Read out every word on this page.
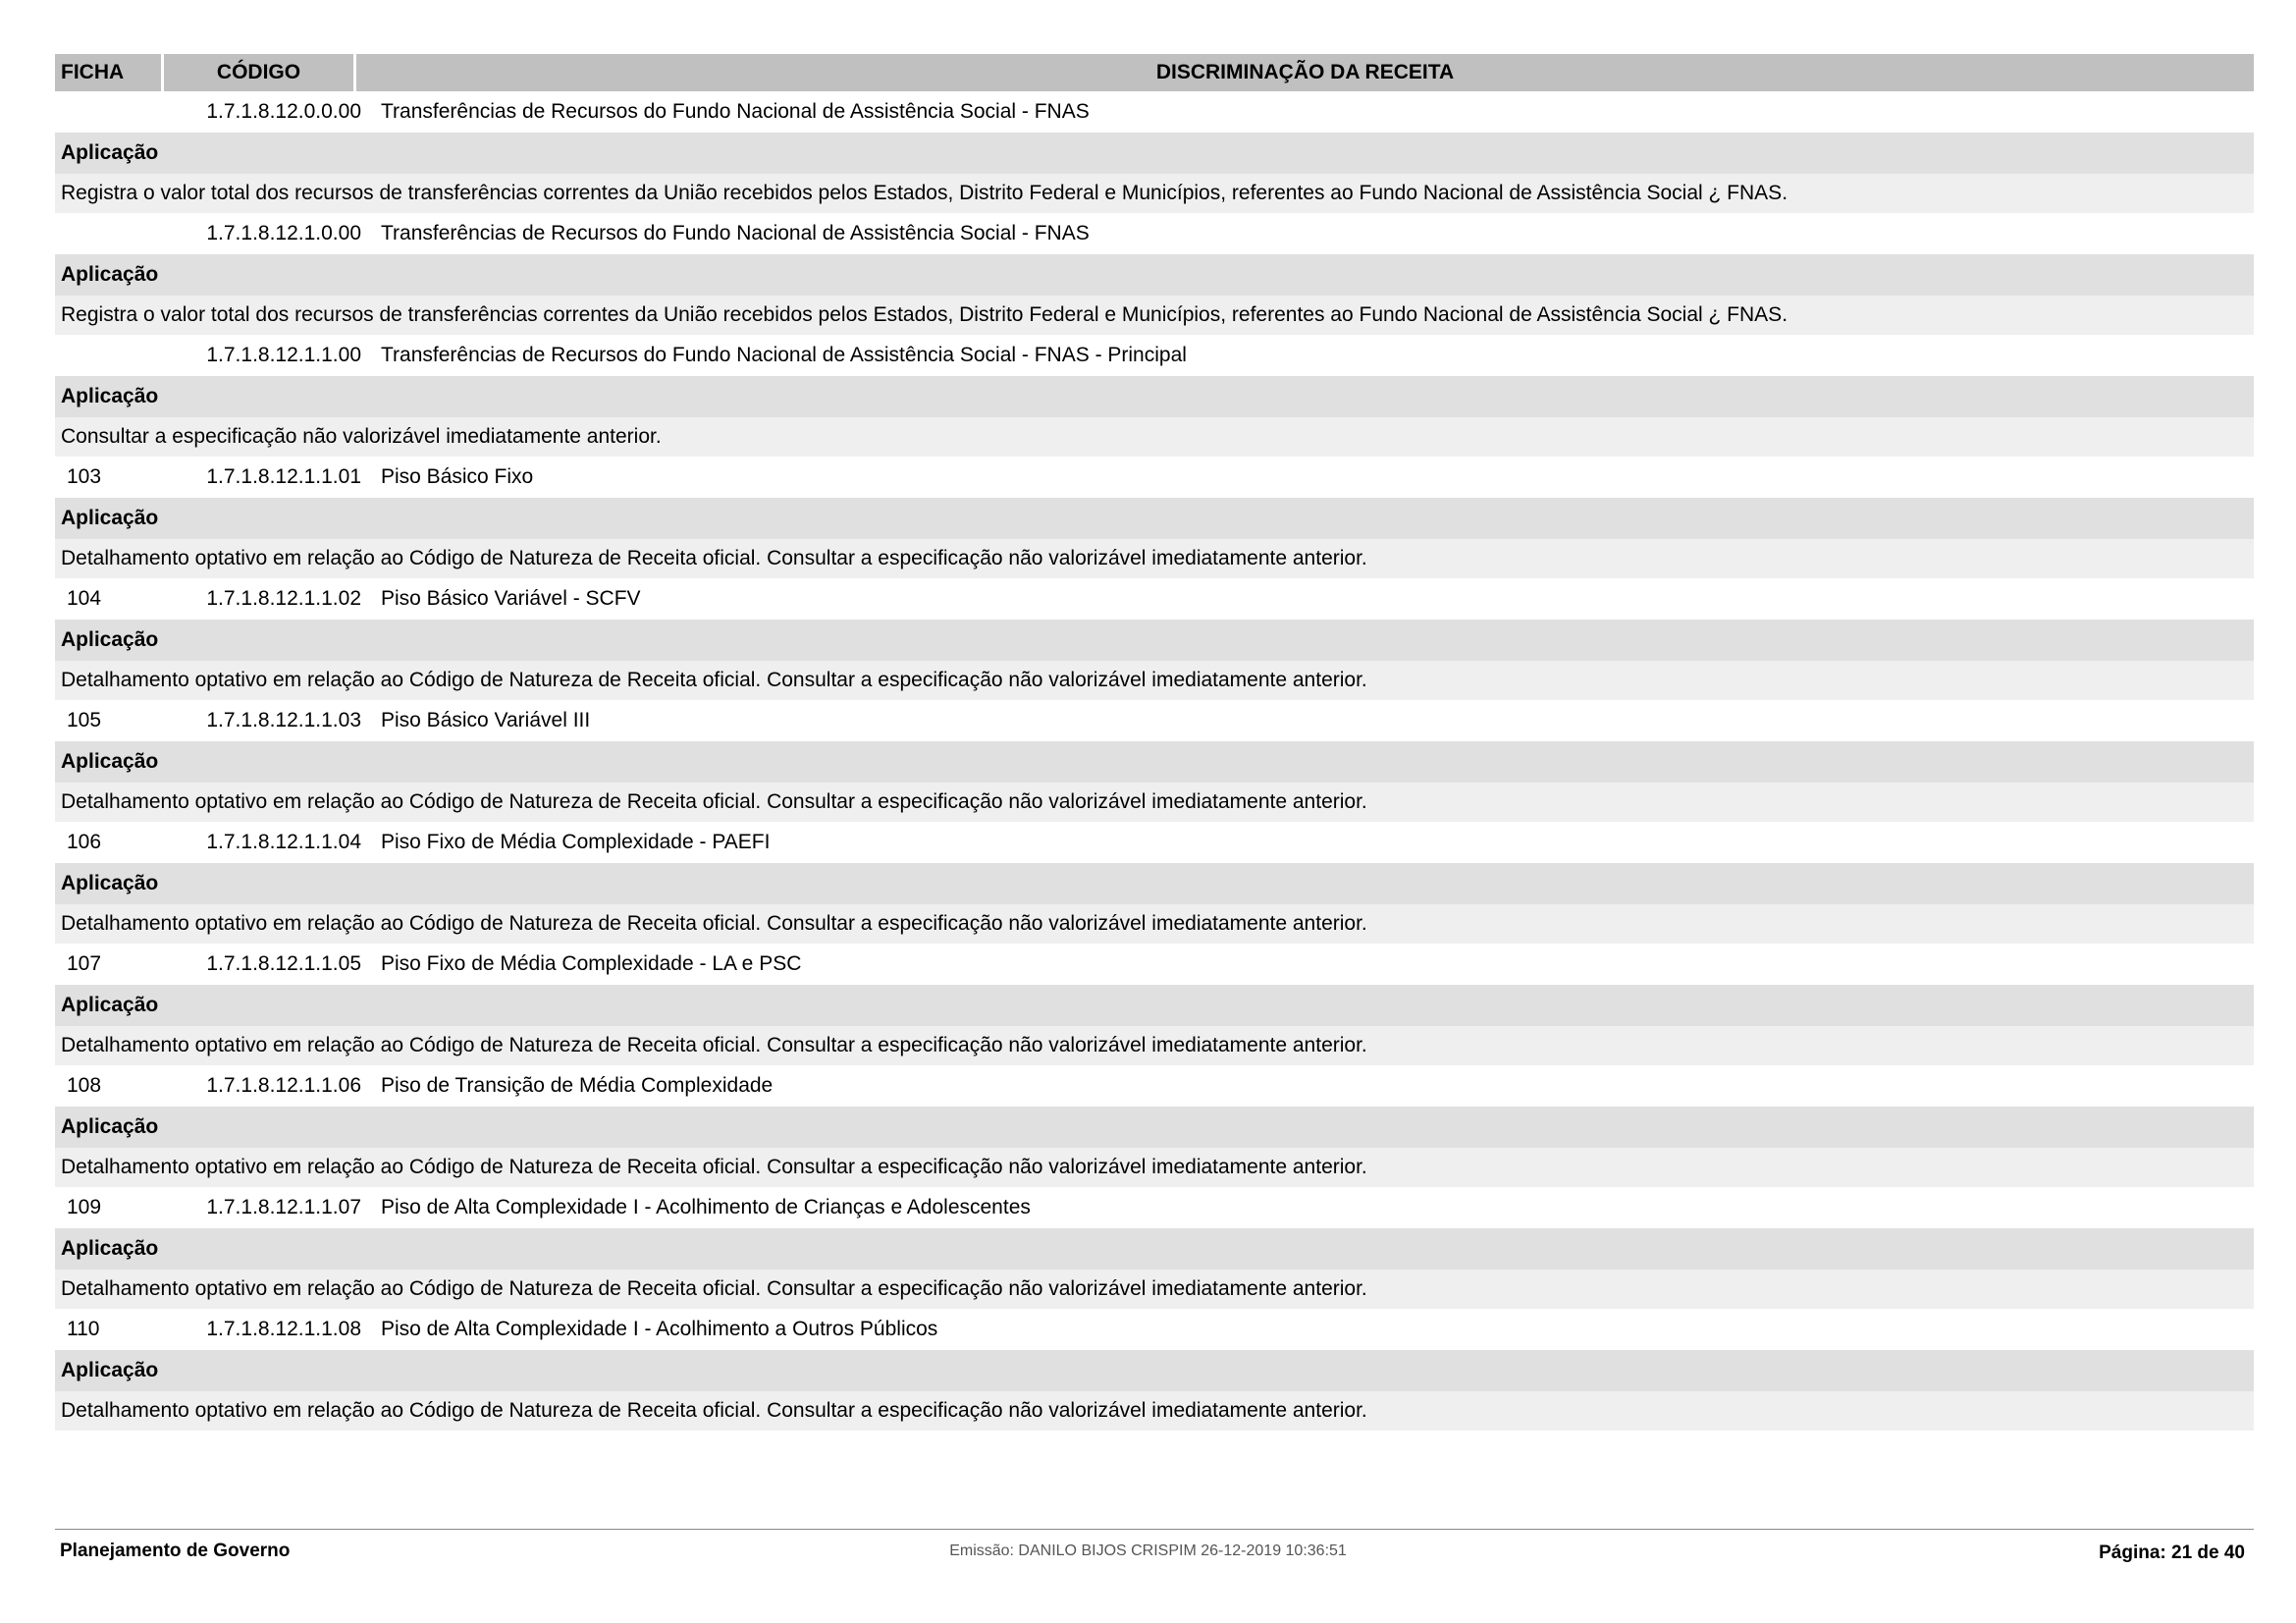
FICHA	CÓDIGO	DISCRIMINAÇÃO DA RECEITA
1.7.1.8.12.0.0.00 Transferências de Recursos do Fundo Nacional de Assistência Social - FNAS
Aplicação
Registra o valor total dos recursos de transferências correntes da União recebidos pelos Estados, Distrito Federal e Municípios, referentes ao Fundo Nacional de Assistência Social ¿ FNAS.
1.7.1.8.12.1.0.00 Transferências de Recursos do Fundo Nacional de Assistência Social - FNAS
Aplicação
Registra o valor total dos recursos de transferências correntes da União recebidos pelos Estados, Distrito Federal e Municípios, referentes ao Fundo Nacional de Assistência Social ¿ FNAS.
1.7.1.8.12.1.1.00 Transferências de Recursos do Fundo Nacional de Assistência Social - FNAS - Principal
Aplicação
Consultar a especificação não valorizável imediatamente anterior.
103	1.7.1.8.12.1.1.01 Piso Básico Fixo
Aplicação
Detalhamento optativo em relação ao Código de Natureza de Receita oficial. Consultar a especificação não valorizável imediatamente anterior.
104	1.7.1.8.12.1.1.02 Piso Básico Variável - SCFV
Aplicação
Detalhamento optativo em relação ao Código de Natureza de Receita oficial. Consultar a especificação não valorizável imediatamente anterior.
105	1.7.1.8.12.1.1.03 Piso Básico Variável III
Aplicação
Detalhamento optativo em relação ao Código de Natureza de Receita oficial. Consultar a especificação não valorizável imediatamente anterior.
106	1.7.1.8.12.1.1.04 Piso Fixo de Média Complexidade - PAEFI
Aplicação
Detalhamento optativo em relação ao Código de Natureza de Receita oficial. Consultar a especificação não valorizável imediatamente anterior.
107	1.7.1.8.12.1.1.05 Piso Fixo de Média Complexidade - LA e PSC
Aplicação
Detalhamento optativo em relação ao Código de Natureza de Receita oficial. Consultar a especificação não valorizável imediatamente anterior.
108	1.7.1.8.12.1.1.06 Piso de Transição de Média Complexidade
Aplicação
Detalhamento optativo em relação ao Código de Natureza de Receita oficial. Consultar a especificação não valorizável imediatamente anterior.
109	1.7.1.8.12.1.1.07 Piso de Alta Complexidade I - Acolhimento de Crianças e Adolescentes
Aplicação
Detalhamento optativo em relação ao Código de Natureza de Receita oficial. Consultar a especificação não valorizável imediatamente anterior.
110	1.7.1.8.12.1.1.08 Piso de Alta Complexidade I - Acolhimento a Outros Públicos
Aplicação
Detalhamento optativo em relação ao Código de Natureza de Receita oficial. Consultar a especificação não valorizável imediatamente anterior.
Planejamento de Governo	Emissão: DANILO BIJOS CRISPIM 26-12-2019 10:36:51	Página: 21 de 40
